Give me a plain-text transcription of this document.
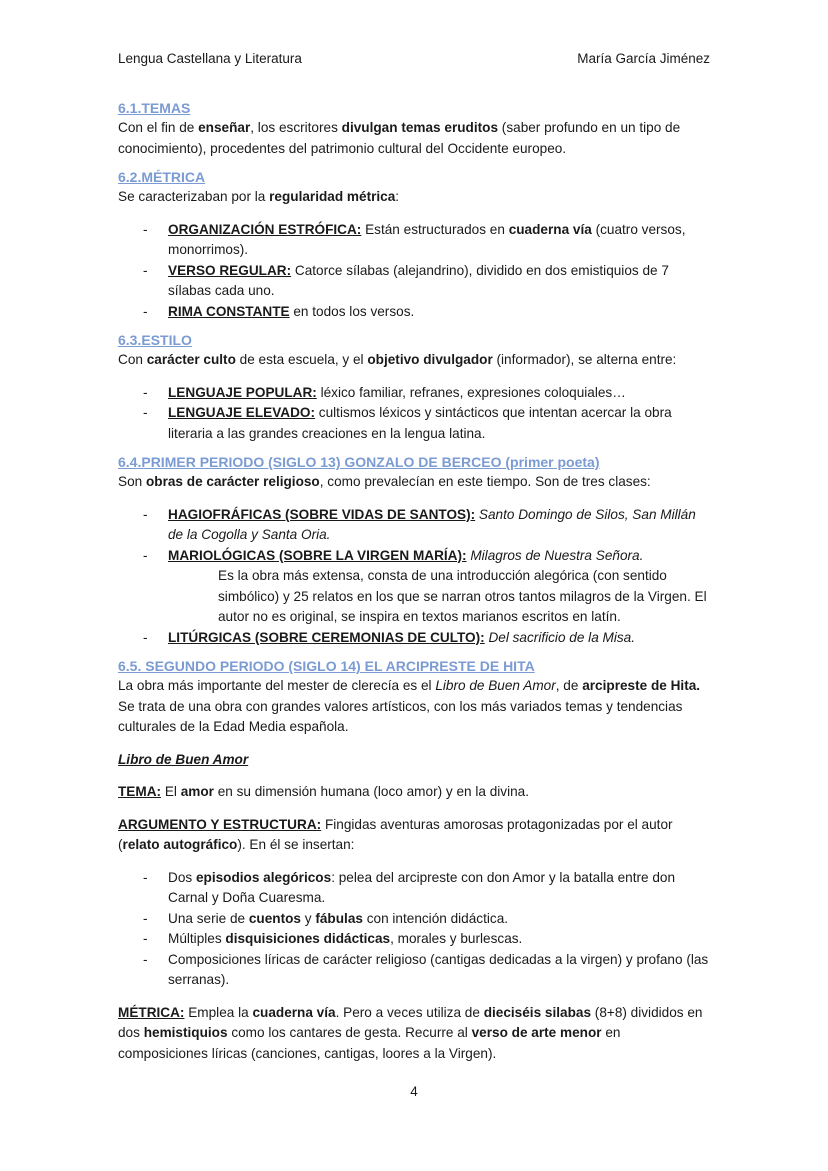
Lengua Castellana y Literatura	María García Jiménez

6.1.TEMAS

Con el fin de enseñar, los escritores divulgan temas eruditos (saber profundo en un tipo de conocimiento), procedentes del patrimonio cultural del Occidente europeo.

6.2.MÉTRICA

Se caracterizaban por la regularidad métrica:

- ORGANIZACIÓN ESTRÓFICA: Están estructurados en cuaderna vía (cuatro versos, monorrimos).
- VERSO REGULAR: Catorce sílabas (alejandrino), dividido en dos emistiquios de 7 sílabas cada uno.
- RIMA CONSTANTE en todos los versos.

6.3.ESTILO

Con carácter culto de esta escuela, y el objetivo divulgador (informador), se alterna entre:

- LENGUAJE POPULAR: léxico familiar, refranes, expresiones coloquiales…
- LENGUAJE ELEVADO: cultismos léxicos y sintácticos que intentan acercar la obra literaria a las grandes creaciones en la lengua latina.

6.4.PRIMER PERIODO (SIGLO 13) GONZALO DE BERCEO (primer poeta)

Son obras de carácter religioso, como prevalecían en este tiempo. Son de tres clases:

- HAGIOFRÁFICAS (SOBRE VIDAS DE SANTOS): Santo Domingo de Silos, San Millán de la Cogolla y Santa Oria.
- MARIOLÓGICAS (SOBRE LA VIRGEN MARÍA): Milagros de Nuestra Señora.
Es la obra más extensa, consta de una introducción alegórica (con sentido simbólico) y 25 relatos en los que se narran otros tantos milagros de la Virgen. El autor no es original, se inspira en textos marianos escritos en latín.
- LITÚRGICAS (SOBRE CEREMONIAS DE CULTO): Del sacrificio de la Misa.

6.5. SEGUNDO PERIODO (SIGLO 14) EL ARCIPRESTE DE HITA

La obra más importante del mester de clerecía es el Libro de Buen Amor, de arcipreste de Hita. Se trata de una obra con grandes valores artísticos, con los más variados temas y tendencias culturales de la Edad Media española.

Libro de Buen Amor

TEMA: El amor en su dimensión humana (loco amor) y en la divina.

ARGUMENTO Y ESTRUCTURA: Fingidas aventuras amorosas protagonizadas por el autor (relato autográfico). En él se insertan:

- Dos episodios alegóricos: pelea del arcipreste con don Amor y la batalla entre don Carnal y Doña Cuaresma.
- Una serie de cuentos y fábulas con intención didáctica.
- Múltiples disquisiciones didácticas, morales y burlescas.
- Composiciones líricas de carácter religioso (cantigas dedicadas a la virgen) y profano (las serranas).

MÉTRICA: Emplea la cuaderna vía. Pero a veces utiliza de dieciséis silabas (8+8) divididos en dos hemistiquios como los cantares de gesta. Recurre al verso de arte menor en composiciones líricas (canciones, cantigas, loores a la Virgen).

4
